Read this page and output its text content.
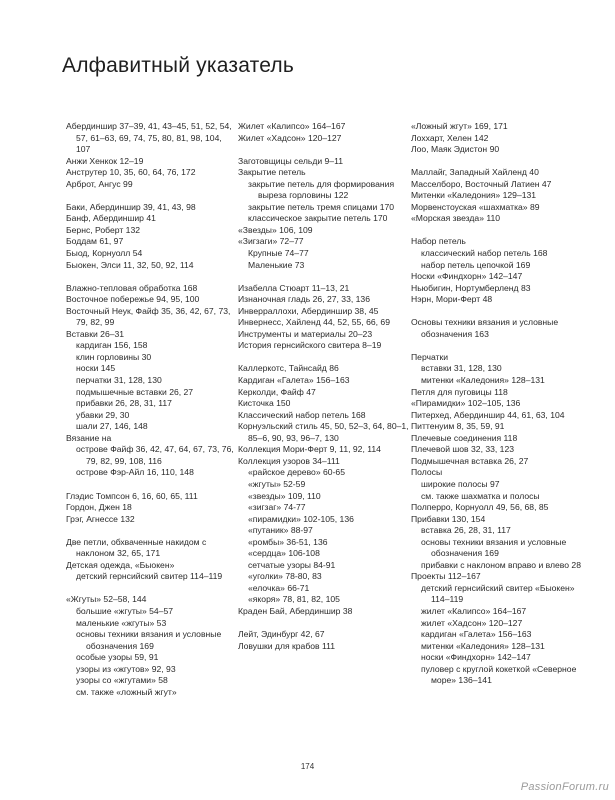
Алфавитный указатель
Абердиншир 37–39, 41, 43–45, 51, 52, 54, 57, 61–63, 69, 74, 75, 80, 81, 98, 104, 107
Анжи Хенкок 12–19
Анструтер 10, 35, 60, 64, 76, 172
Арброт, Ангус 99
Баки, Абердиншир 39, 41, 43, 98
Банф, Абердиншир 41
Бернс, Роберт 132
Боддам 61, 97
Быод, Корнуолл 54
Быокен, Элси 11, 32, 50, 92, 114
Влажно-тепловая обработка 168
Восточное побережье 94, 95, 100
Восточный Неук, Файф 35, 36, 42, 67, 73, 79, 82, 99
Вставки 26–31
кардиган 156, 158
клин горловины 30
носки 145
перчатки 31, 128, 130
подмышечные вставки 26, 27
прибавки 26, 28, 31, 117
убавки 29, 30
шали 27, 146, 148
Вязание на
острове Файф 36, 42, 47, 64, 67, 73, 76, 79, 82, 99, 108, 116
острове Фэр-Айл 16, 110, 148
Глэдис Томпсон 6, 16, 60, 65, 111
Гордон, Джен 18
Грэг, Агнессе 132
Две петли, обхваченные накидом с наклоном 32, 65, 171
Детская одежда, «Быокен»
детский гернсийский свитер 114–119
«Жгуты» 52–58, 144
большие «жгуты» 54–57
маленькие «жгуты» 53
основы техники вязания и условные обозначения 169
особые узоры 59, 91
узоры из «жгутов» 92, 93
узоры со «жгутами» 58
см. также «ложный жгут»
Жилет «Калипсо» 164–167
Жилет «Хадсон» 120–127
Заготовщицы сельди 9–11
Закрытие петель
закрытие петель для формирования выреза горловины 122
закрытие петель тремя спицами 170
классическое закрытие петель 170
«Звезды» 106, 109
«Зигзаги» 72–77
Крупные 74–77
Маленькие 73
Изабелла Стюарт 11–13, 21
Изнаночная гладь 26, 27, 33, 136
Инверраллохи, Абердиншир 38, 45
Инвернесс, Хайленд 44, 52, 55, 66, 69
Инструменты и материалы 20–23
История гернсийского свитера 8–19
Каллеркотс, Тайнсайд 86
Кардиган «Галета» 156–163
Керколди, Файф 47
Кисточка 150
Классический набор петель 168
Корнуэльский стиль 45, 50, 52–3, 64, 80–1, 85–6, 90, 93, 96–7, 130
Коллекция Мори-Ферт 9, 11, 92, 114
Коллекция узоров 34–111
«райское дерево» 60-65
«жгуты» 52-59
«звезды» 109, 110
«зигзаг» 74-77
«пирамидки» 102-105, 136
«путаник» 88-97
«ромбы» 36-51, 136
«сердца» 106-108
сетчатые узоры 84-91
«уголки» 78-80, 83
«елочка» 66-71
«якоря» 78, 81, 82, 105
Краден Бай, Абердиншир 38
Лейт, Эдинбург 42, 67
Ловушки для крабов 111
«Ложный жгут» 169, 171
Лоххарт, Хелен 142
Лоо, Маяк Эдистон 90
Маллайг, Западный Хайленд 40
Масселборо, Восточный Латиен 47
Митенки «Каледония» 129–131
Морвенстоуская «шахматка» 89
«Морская звезда» 110
Набор петель
классический набор петель 168
набор петель цепочкой 169
Носки «Финдхорн» 142–147
Ньюбигин, Нортумберленд 83
Нэрн, Мори-Ферт 48
Основы техники вязания и условные обозначения 163
Перчатки
вставки 31, 128, 130
митенки «Каледония» 128–131
Петля для пуговицы 118
«Пирамидки» 102–105, 136
Питерхед, Абердиншир 44, 61, 63, 104
Питтенуим 8, 35, 59, 91
Плечевые соединения 118
Плечевой шов 32, 33, 123
Подмышечная вставка 26, 27
Полосы
широкие полосы 97
см. также шахматка и полосы
Полперро, Корнуолл 49, 56, 68, 85
Прибавки 130, 154
вставка 26, 28, 31, 117
основы техники вязания и условные обозначения 169
прибавки с наклоном вправо и влево 28
Проекты 112–167
детский гернсийский свитер «Быокен» 114–119
жилет «Калипсо» 164–167
жилет «Хадсон» 120–127
кардиган «Галета» 156–163
митенки «Каледония» 128–131
носки «Финдхорн» 142–147
пуловер с круглой кокеткой «Северное море» 136–141
174
PassionForum.ru
